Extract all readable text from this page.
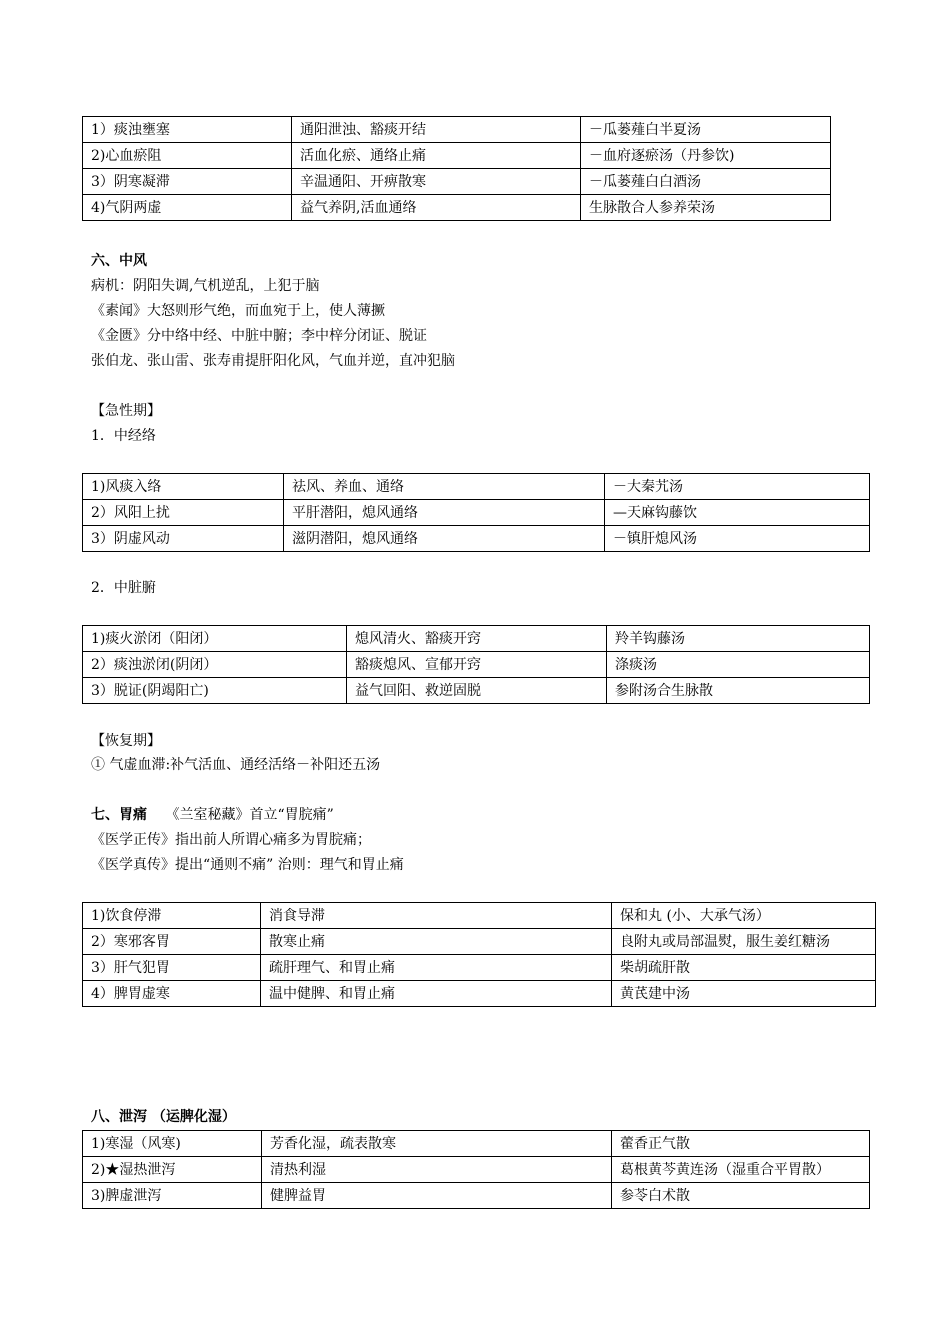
1）痰浊壅塞	通阳泄浊、豁痰开结	－瓜蒌薤白半夏汤
2)心血瘀阻	活血化瘀、通络止痛	－血府逐瘀汤（丹参饮)
3）阴寒凝滞	辛温通阳、开痹散寒	－瓜蒌薤白白酒汤
4)气阴两虚	益气养阴,活血通络	生脉散合人参养荣汤
六、中风
病机：阴阳失调,气机逆乱，上犯于脑
《素闻》大怒则形气绝，而血宛于上，使人薄撅
《金匮》分中络中经、中脏中腑；李中梓分闭证、脱证
张伯龙、张山雷、张寿甫提肝阳化风，气血并逆，直冲犯脑
【急性期】
1．中经络
1)风痰入络	祛风、养血、通络	－大秦艽汤
2）风阳上扰	平肝潜阳，熄风通络	—天麻钩藤饮
3）阴虚风动	滋阴潜阳，熄风通络	－镇肝熄风汤
2．中脏腑
1)痰火淤闭（阳闭）	熄风清火、豁痰开窍	羚羊钩藤汤
2）痰浊淤闭(阴闭）	豁痰熄风、宣郁开窍	涤痰汤
3）脱证(阴竭阳亡)	益气回阳、救逆固脱	参附汤合生脉散
【恢复期】
① 气虚血滞:补气活血、通经活络－补阳还五汤
七、胃痛 《兰室秘藏》首立“胃脘痛”
《医学正传》指出前人所谓心痛多为胃脘痛；
《医学真传》提出“通则不痛” 治则：理气和胃止痛
1)饮食停滞	消食导滞	保和丸 (小、大承气汤）
2）寒邪客胃	散寒止痛	良附丸或局部温熨，服生姜红糖汤
3）肝气犯胃	疏肝理气、和胃止痛	柴胡疏肝散
4）脾胃虚寒	温中健脾、和胃止痛	黄芪建中汤
八、泄泻 （运脾化湿）
1)寒湿（风寒)	芳香化湿，疏表散寒	藿香正气散
2)★湿热泄泻	清热利湿	葛根黄芩黄连汤（湿重合平胃散）
3)脾虚泄泻	健脾益胃	参苓白术散
